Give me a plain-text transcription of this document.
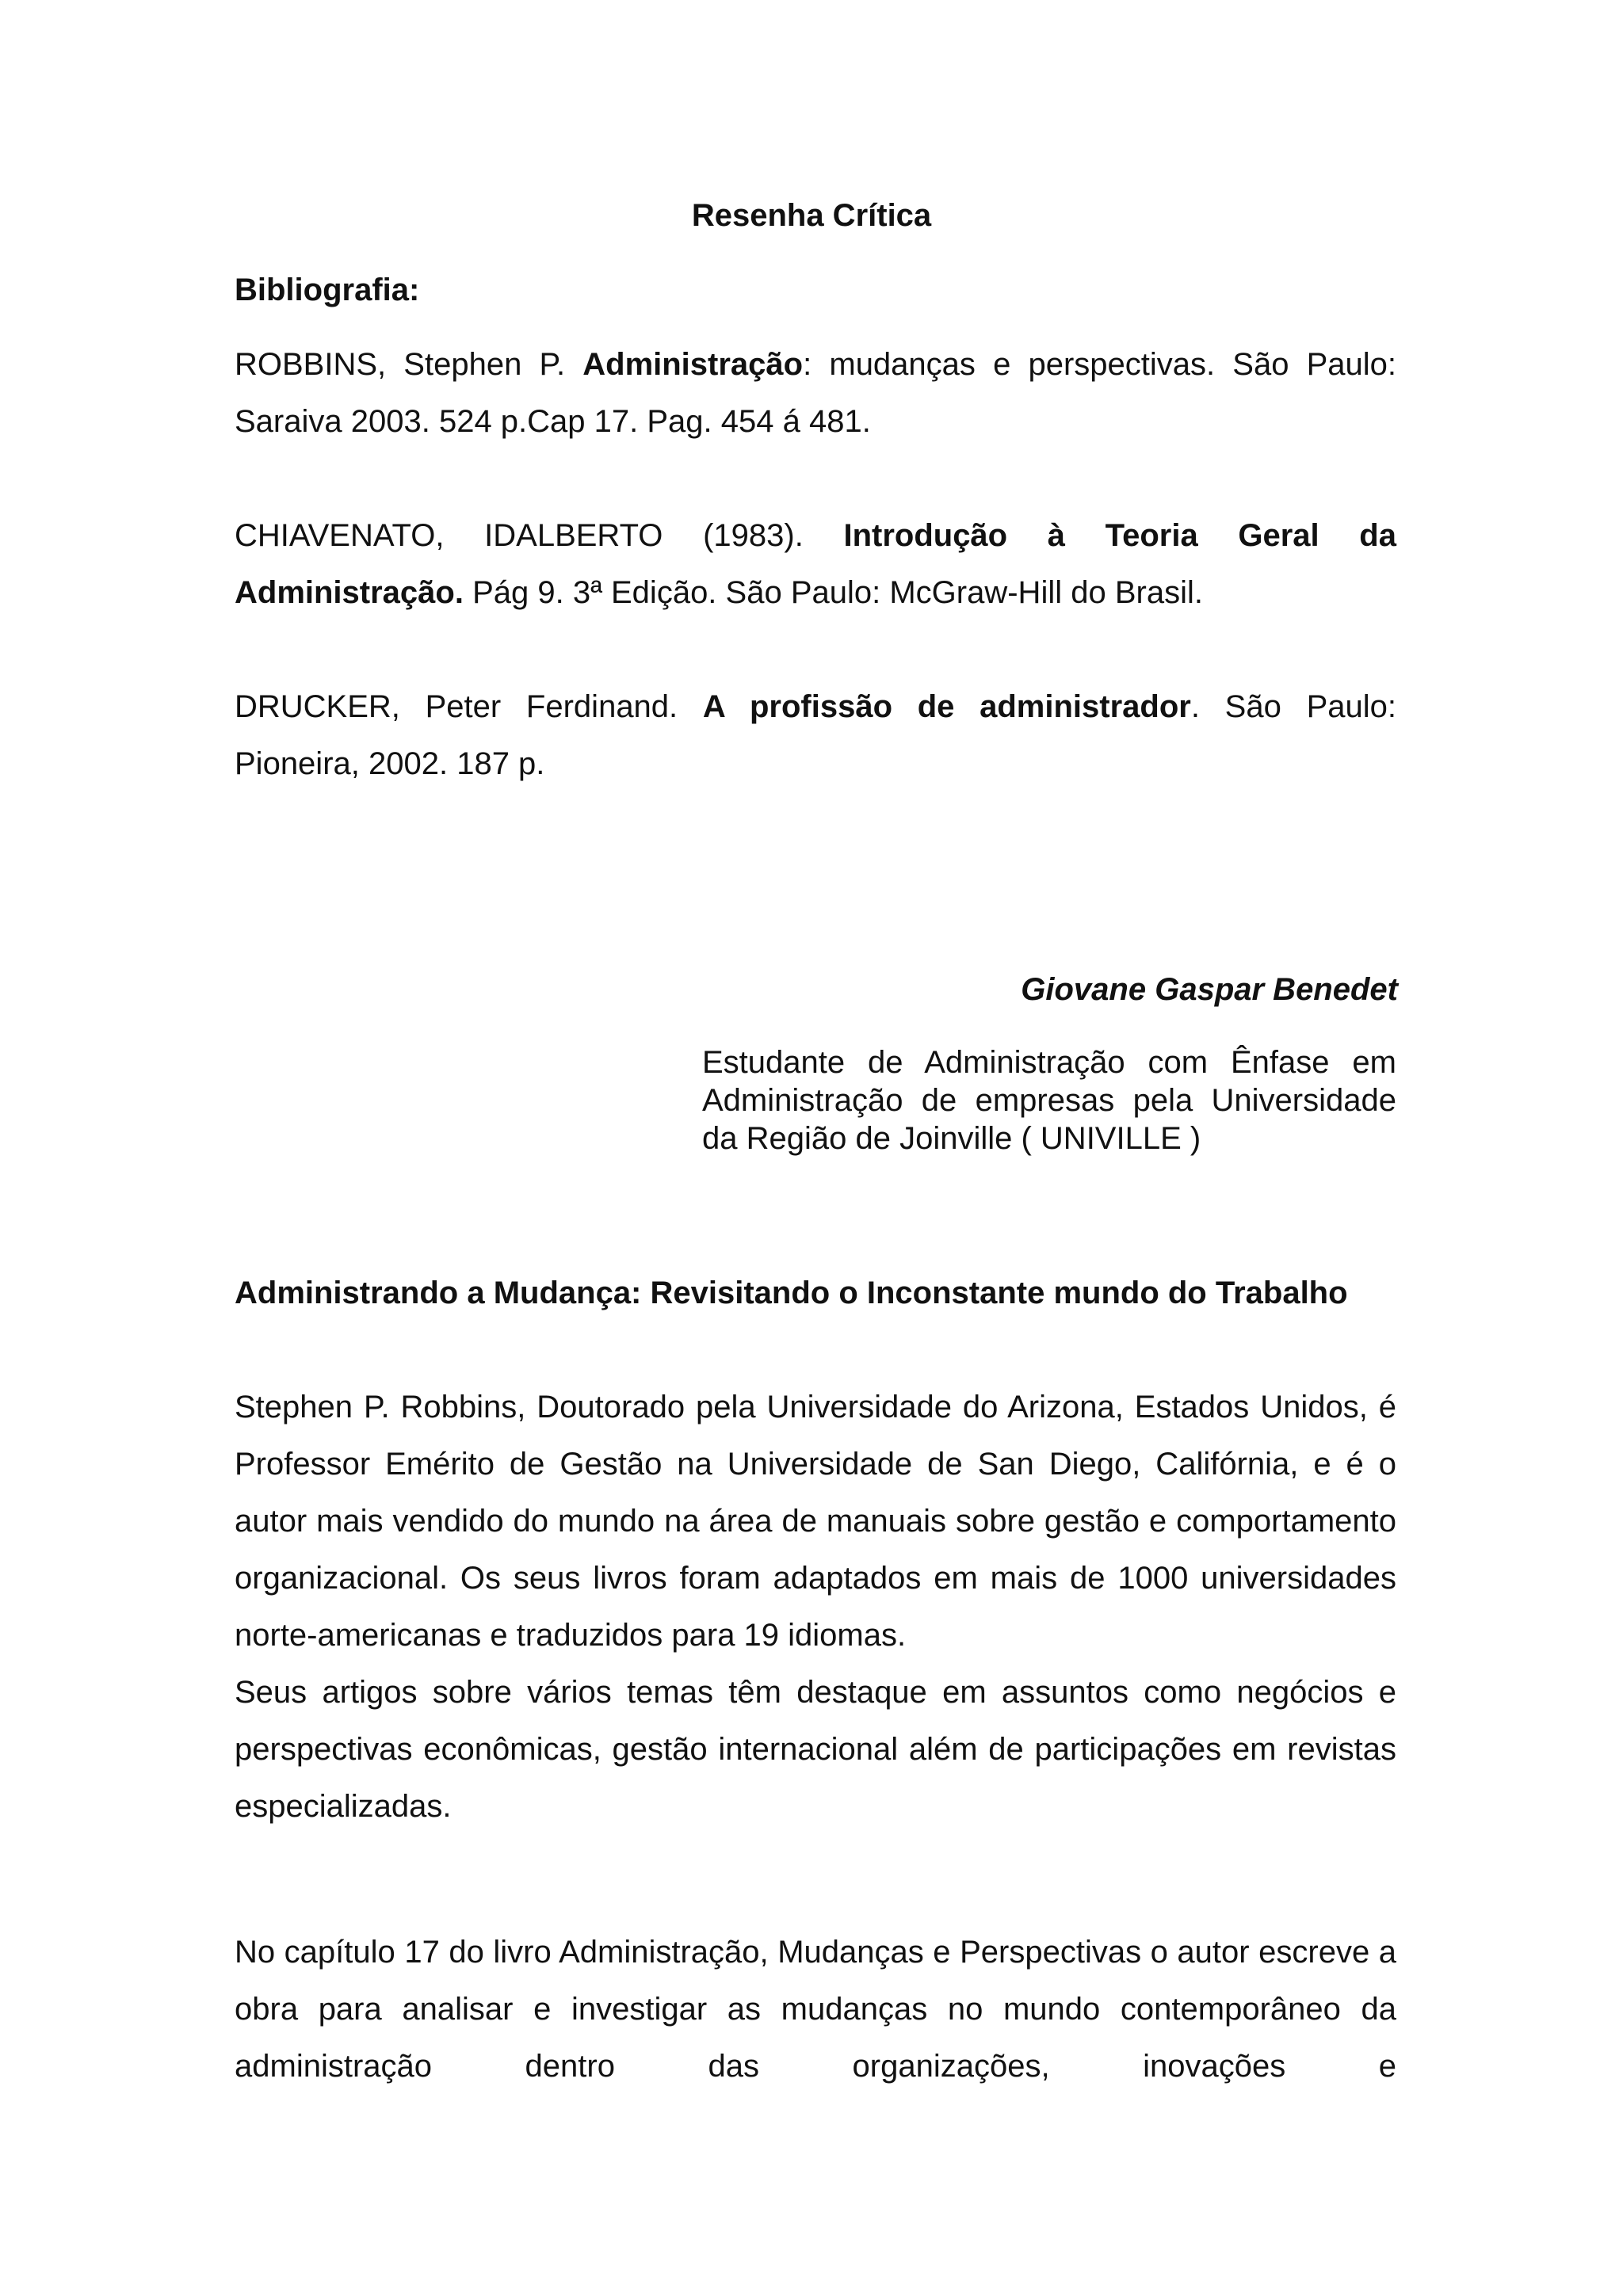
Resenha Crítica

Bibliografia:

ROBBINS, Stephen P. Administração: mudanças e perspectivas. São Paulo: Saraiva 2003. 524 p.Cap 17. Pag. 454 á 481.

CHIAVENATO, IDALBERTO (1983). Introdução à Teoria Geral da Administração. Pág 9. 3ª Edição. São Paulo: McGraw-Hill do Brasil.

DRUCKER, Peter Ferdinand. A profissão de administrador. São Paulo: Pioneira, 2002. 187 p.

Giovane Gaspar Benedet

Estudante de Administração com Ênfase em
Administração de empresas pela Universidade
da Região de Joinville ( UNIVILLE )

Administrando a Mudança: Revisitando o Inconstante mundo do Trabalho

Stephen P. Robbins, Doutorado pela Universidade do Arizona, Estados Unidos, é Professor Emérito de Gestão na Universidade de San Diego, Califórnia, e é o autor mais vendido do mundo na área de manuais sobre gestão e comportamento organizacional. Os seus livros foram adaptados em mais de 1000 universidades norte-americanas e traduzidos para 19 idiomas.

Seus artigos sobre vários temas têm destaque em assuntos como negócios e perspectivas econômicas, gestão internacional além de participações em revistas especializadas.

No capítulo 17 do livro Administração, Mudanças e Perspectivas o autor escreve a obra para analisar e investigar as mudanças no mundo contemporâneo da administração dentro das organizações, inovações e
